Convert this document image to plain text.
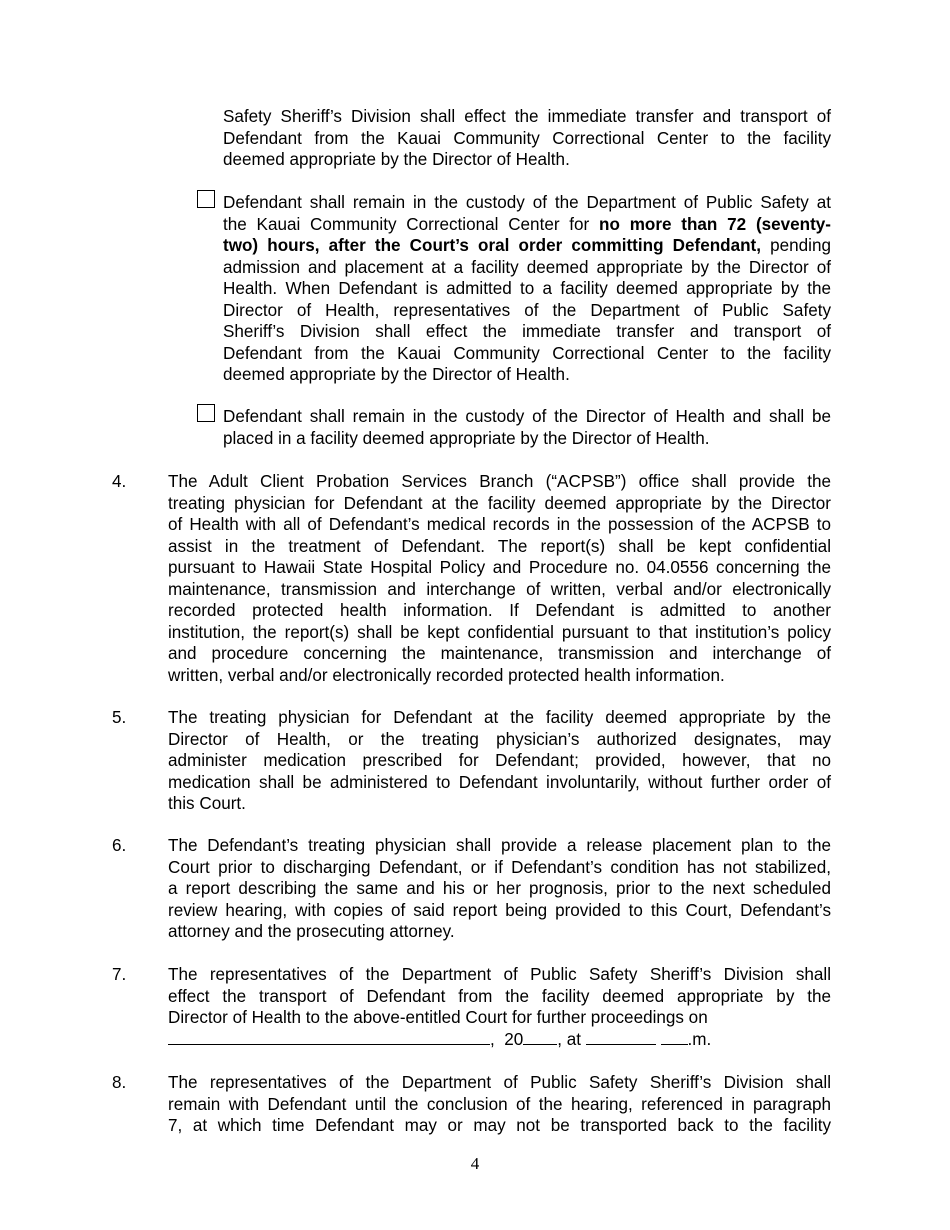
Safety Sheriff’s Division shall effect the immediate transfer and transport of
Defendant from the Kauai Community Correctional Center to the facility
deemed appropriate by the Director of Health.
Defendant shall remain in the custody of the Department of Public Safety at
the Kauai Community Correctional Center for no more than 72 (seventy-
two) hours, after the Court’s oral order committing Defendant, pending
admission and placement at a facility deemed appropriate by the Director of
Health. When Defendant is admitted to a facility deemed appropriate by the
Director of Health, representatives of the Department of Public Safety
Sheriff’s Division shall effect the immediate transfer and transport of
Defendant from the Kauai Community Correctional Center to the facility
deemed appropriate by the Director of Health.
Defendant shall remain in the custody of the Director of Health and shall be
placed in a facility deemed appropriate by the Director of Health.
4.	The Adult Client Probation Services Branch (“ACPSB”) office shall provide the
treating physician for Defendant at the facility deemed appropriate by the Director
of Health with all of Defendant’s medical records in the possession of the ACPSB to
assist in the treatment of Defendant. The report(s) shall be kept confidential
pursuant to Hawaii State Hospital Policy and Procedure no. 04.0556 concerning the
maintenance, transmission and interchange of written, verbal and/or electronically
recorded protected health information. If Defendant is admitted to another
institution, the report(s) shall be kept confidential pursuant to that institution’s policy
and procedure concerning the maintenance, transmission and interchange of
written, verbal and/or electronically recorded protected health information.
5.	The treating physician for Defendant at the facility deemed appropriate by the
Director of Health, or the treating physician’s authorized designates, may
administer medication prescribed for Defendant; provided, however, that no
medication shall be administered to Defendant involuntarily, without further order of
this Court.
6.	The Defendant’s treating physician shall provide a release placement plan to the
Court prior to discharging Defendant, or if Defendant’s condition has not stabilized,
a report describing the same and his or her prognosis, prior to the next scheduled
review hearing, with copies of said report being provided to this Court, Defendant’s
attorney and the prosecuting attorney.
7.	The representatives of the Department of Public Safety Sheriff’s Division shall
effect the transport of Defendant from the facility deemed appropriate by the
Director of Health to the above-entitled Court for further proceedings on
, 20 , at	.m.
8.	The representatives of the Department of Public Safety Sheriff’s Division shall
remain with Defendant until the conclusion of the hearing, referenced in paragraph
7, at which time Defendant may or may not be transported back to the facility
4
